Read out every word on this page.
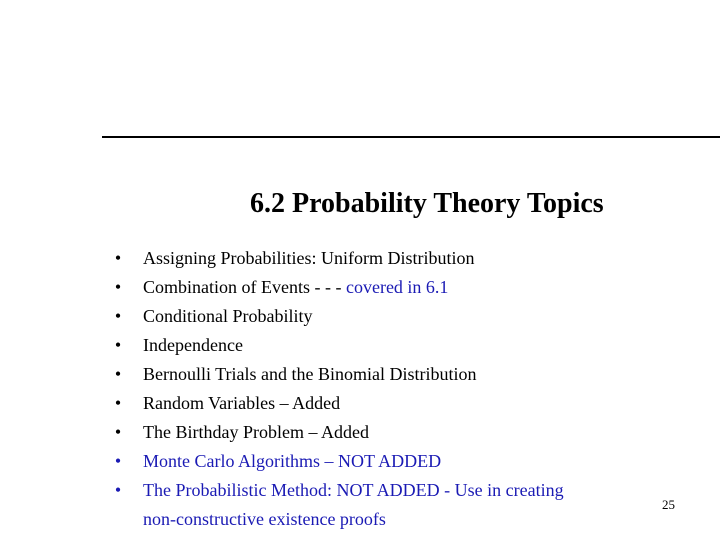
6.2 Probability Theory Topics
• Assigning Probabilities: Uniform Distribution
• Combination of Events - - - covered in 6.1
• Conditional Probability
• Independence
• Bernoulli Trials and the Binomial Distribution
• Random Variables – Added
• The Birthday Problem – Added
• Monte Carlo Algorithms – NOT ADDED
• The Probabilistic Method: NOT ADDED - Use in creating
non-constructive existence proofs
25
